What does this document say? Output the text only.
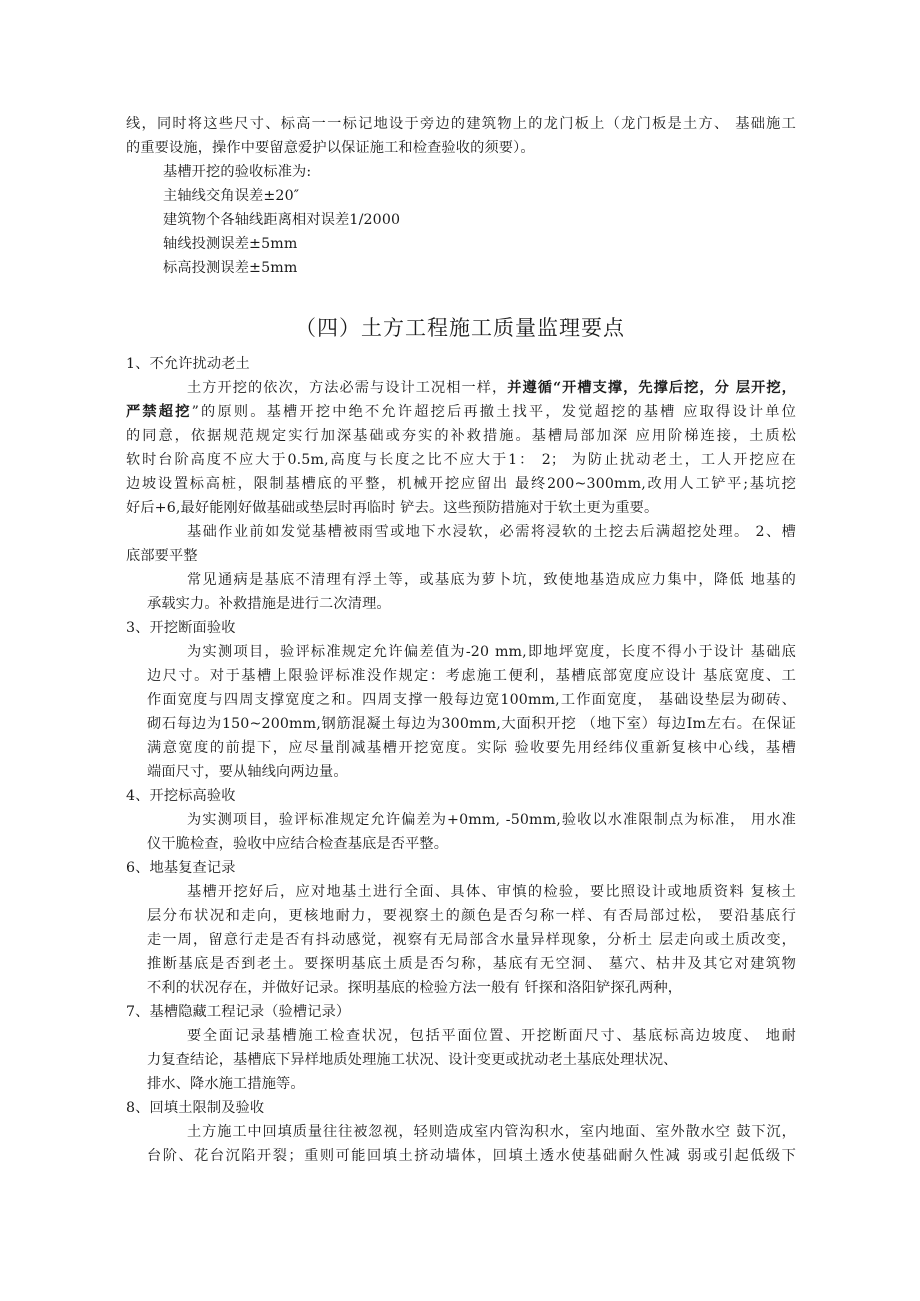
线，同时将这些尺寸、标高一一标记地设于旁边的建筑物上的龙门板上（龙门板是土方、 基础施工
的重要设施，操作中要留意爱护以保证施工和检查验收的须要）。
基槽开挖的验收标准为:
主轴线交角误差±20″
建筑物个各轴线距离相对误差1/2000
轴线投测误差±5mm
标高投测误差±5mm
（四）土方工程施工质量监理要点
1、不允许扰动老土
土方开挖的依次，方法必需与设计工况相一样，并遵循“开槽支撑，先撑后挖，分 层开挖，
严禁超挖”的原则。基槽开挖中绝不允许超挖后再撤土找平，发觉超挖的基槽 应取得设计单位
的同意，依据规范规定实行加深基础或夯实的补救措施。基槽局部加深 应用阶梯连接，土质松
软时台阶高度不应大于0.5m,高度与长度之比不应大于1： 2； 为防止扰动老土，工人开挖应在
边坡设置标高桩，限制基槽底的平整，机械开挖应留出 最终200~300mm,改用人工铲平;基坑挖
好后+6,最好能刚好做基础或垫层时再临时 铲去。这些预防措施对于软土更为重要。
基础作业前如发觉基槽被雨雪或地下水浸软，必需将浸软的土挖去后满超挖处理。 2、槽
底部要平整
常见通病是基底不清理有浮土等，或基底为萝卜坑，致使地基造成应力集中，降低 地基的
承载实力。补救措施是进行二次清理。
3、开挖断面验收
为实测项目，验评标准规定允许偏差值为-20 mm,即地坪宽度，长度不得小于设计 基础底
边尺寸。对于基槽上限验评标准没作规定：考虑施工便利，基槽底部宽度应设计 基底宽度、工
作面宽度与四周支撑宽度之和。四周支撑一般每边宽100mm,工作面宽度， 基础设垫层为砌砖、
砌石每边为150~200mm,钢筋混凝土每边为300mm,大面积开挖 （地下室）每边Im左右。在保证
满意宽度的前提下，应尽量削减基槽开挖宽度。实际 验收要先用经纬仪重新复核中心线，基槽
端面尺寸，要从轴线向两边量。
4、开挖标高验收
为实测项目，验评标准规定允许偏差为+0mm, -50mm,验收以水准限制点为标准， 用水准
仪干脆检查，验收中应结合检查基底是否平整。
6、地基复查记录
基槽开挖好后，应对地基土进行全面、具体、审慎的检验，要比照设计或地质资料 复核土
层分布状况和走向，更核地耐力，要视察土的颜色是否匀称一样、有否局部过松， 要沿基底行
走一周，留意行走是否有抖动感觉，视察有无局部含水量异样现象，分析土 层走向或土质改变，
推断基底是否到老土。要探明基底土质是否匀称，基底有无空洞、 墓穴、枯井及其它对建筑物
不利的状况存在，并做好记录。探明基底的检验方法一般有 钎探和洛阳铲探孔两种，
7、基槽隐藏工程记录（验槽记录）
要全面记录基槽施工检查状况，包括平面位置、开挖断面尺寸、基底标高边坡度、 地耐
力复查结论，基槽底下异样地质处理施工状况、设计变更或扰动老土基底处理状况、
排水、降水施工措施等。
8、回填土限制及验收
土方施工中回填质量往往被忽视，轻则造成室内管沟积水，室内地面、室外散水空 鼓下沉，
台阶、花台沉陷开裂；重则可能回填土挤动墙体，回填土透水使基础耐久性减 弱或引起低级下
